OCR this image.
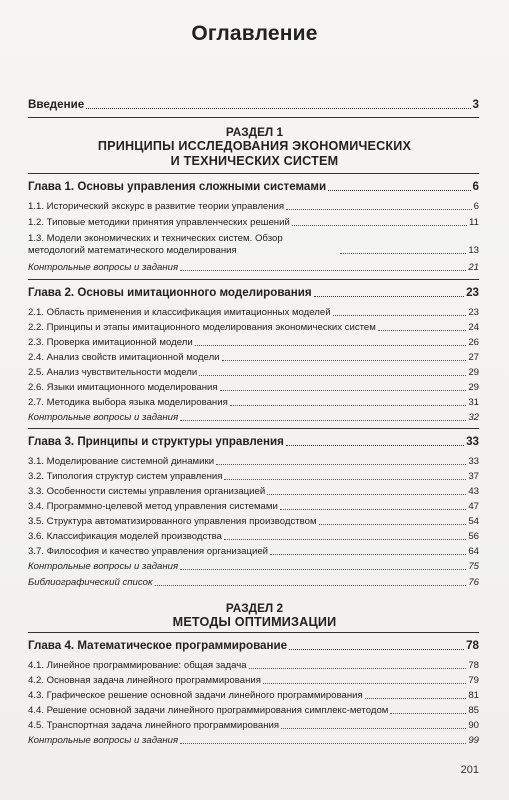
Оглавление
Введение	3
РАЗДЕЛ 1
ПРИНЦИПЫ ИССЛЕДОВАНИЯ ЭКОНОМИЧЕСКИХ
И ТЕХНИЧЕСКИХ СИСТЕМ
Глава 1. Основы управления сложными системами	6
1.1. Исторический экскурс в развитие теории управления	6
1.2. Типовые методики принятия управленческих решений	11
1.3. Модели экономических и технических систем. Обзор методологий математического моделирования	13
Контрольные вопросы и задания	21
Глава 2. Основы имитационного моделирования	23
2.1. Область применения и классификация имитационных моделей	23
2.2. Принципы и этапы имитационного моделирования экономических систем	24
2.3. Проверка имитационной модели	26
2.4. Анализ свойств имитационной модели	27
2.5. Анализ чувствительности модели	29
2.6. Языки имитационного моделирования	29
2.7. Методика выбора языка моделирования	31
Контрольные вопросы и задания	32
Глава 3. Принципы и структуры управления	33
3.1. Моделирование системной динамики	33
3.2. Типология структур систем управления	37
3.3. Особенности системы управления организацией	43
3.4. Программно-целевой метод управления системами	47
3.5. Структура автоматизированного управления производством	54
3.6. Классификация моделей производства	56
3.7. Философия и качество управления организацией	64
Контрольные вопросы и задания	75
Библиографический список	76
РАЗДЕЛ 2
МЕТОДЫ ОПТИМИЗАЦИИ
Глава 4. Математическое программирование	78
4.1. Линейное программирование: общая задача	78
4.2. Основная задача линейного программирования	79
4.3. Графическое решение основной задачи линейного программирования	81
4.4. Решение основной задачи линейного программирования симплекс-методом	85
4.5. Транспортная задача линейного программирования	90
Контрольные вопросы и задания	99
201
